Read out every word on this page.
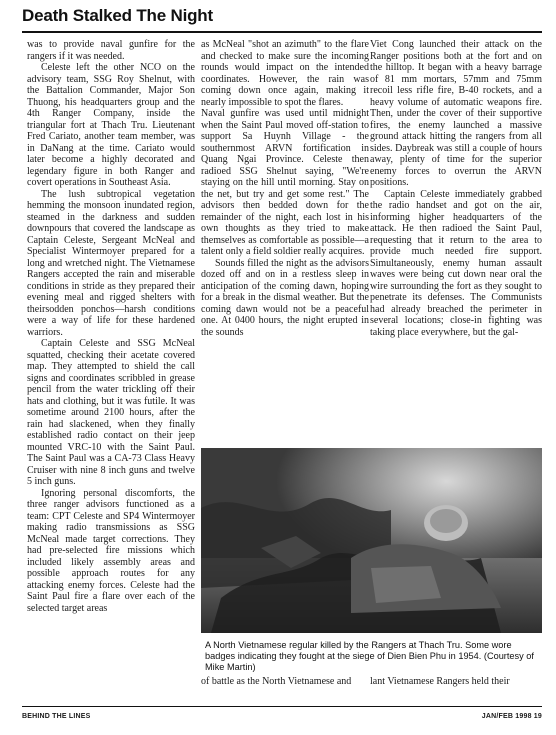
Death Stalked The Night

was to provide naval gunfire for the rangers if it was needed.

Celeste left the other NCO on the advisory team, SSG Roy Shelnut, with the Battalion Commander, Major Son Thuong, his headquarters group and the 4th Ranger Company, inside the triangular fort at Thach Tru. Lieutenant Fred Cariato, another team member, was in DaNang at the time. Cariato would later become a highly decorated and legendary figure in both Ranger and covert operations in Southeast Asia.

The lush subtropical vegetation hemming the monsoon inundated region, steamed in the darkness and sudden downpours that covered the landscape as Captain Celeste, Sergeant McNeal and Specialist Wintermoyer prepared for a long and wretched night. The Vietnamese Rangers accepted the rain and miserable conditions in stride as they prepared their evening meal and rigged shelters with theirsodden ponchos—harsh conditions were a way of life for these hardened warriors.

Captain Celeste and SSG McNeal squatted, checking their acetate covered map. They attempted to shield the call signs and coordinates scribbled in grease pencil from the water trickling off their hats and clothing, but it was futile. It was sometime around 2100 hours, after the rain had slackened, when they finally established radio contact on their jeep mounted VRC-10 with the Saint Paul. The Saint Paul was a CA-73 Class Heavy Cruiser with nine 8 inch guns and twelve 5 inch guns.

Ignoring personal discomforts, the three ranger advisors functioned as a team: CPT Celeste and SP4 Wintermoyer making radio transmissions as SSG McNeal made target corrections. They had pre-selected fire missions which included likely assembly areas and possible approach routes for any attacking enemy forces. Celeste had the Saint Paul fire a flare over each of the selected target areas

as McNeal "shot an azimuth" to the flare and checked to make sure the incoming rounds would impact on the intended coordinates. However, the rain was coming down once again, making it nearly impossible to spot the flares.

Naval gunfire was used until midnight when the Saint Paul moved off-station to support Sa Huynh Village - the southernmost ARVN fortification in Quang Ngai Province. Celeste then radioed SSG Shelnut saying, "We're staying on the hill until morning. Stay on the net, but try and get some rest." The advisors then bedded down for the remainder of the night, each lost in his own thoughts as they tried to make themselves as comfortable as possible—a talent only a field soldier really acquires.

Sounds filled the night as the advisors dozed off and on in a restless sleep in anticipation of the coming dawn, hoping for a break in the dismal weather. But the coming dawn would not be a peaceful one. At 0400 hours, the night erupted in the sounds

Viet Cong launched their attack on the Ranger positions both at the fort and on the hilltop. It began with a heavy barrage of 81 mm mortars, 57mm and 75mm recoil less rifle fire, B-40 rockets, and a heavy volume of automatic weapons fire. Then, under the cover of their supportive fires, the enemy launched a massive ground attack hitting the rangers from all sides. Daybreak was still a couple of hours away, plenty of time for the superior enemy forces to overrun the ARVN positions.

Captain Celeste immediately grabbed the radio handset and got on the air, informing higher headquarters of the attack. He then radioed the Saint Paul, requesting that it return to the area to provide much needed fire support. Simultaneously, enemy human assault waves were being cut down near oral the wire surrounding the fort as they sought to penetrate its defenses. The Communists had already breached the perimeter in several locations; close-in fighting was taking place everywhere, but the gal-

A North Vietnamese regular killed by the Rangers at Thach Tru. Some wore badges indicating they fought at the siege of Dien Bien Phu in 1954. (Courtesy of Mike Martin)

of battle as the North Vietnamese and	lant Vietnamese Rangers held their

BEHIND THE LINES	JAN/FEB 1998 19
